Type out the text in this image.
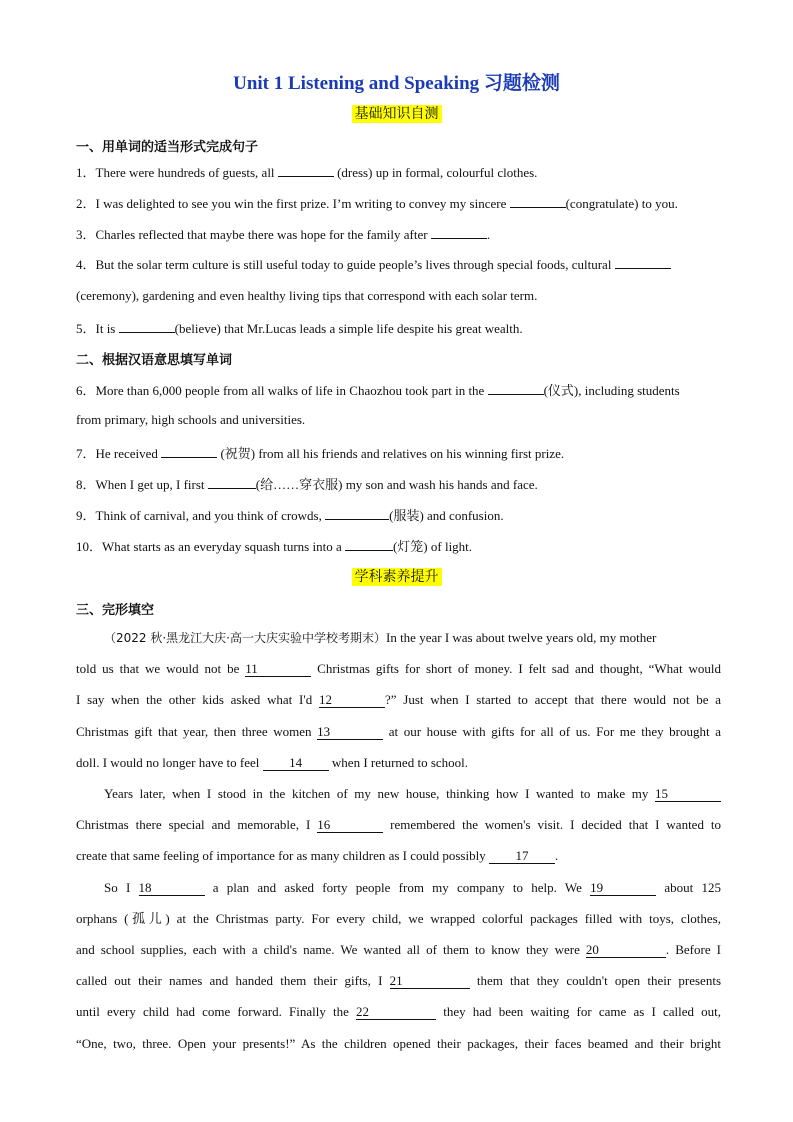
Unit 1 Listening and Speaking 习题检测
基础知识自测
一、用单词的适当形式完成句子
1．There were hundreds of guests, all	(dress) up in formal, colourful clothes.
2．I was delighted to see you win the first prize. I’m writing to convey my sincere	(congratulate) to you.
3．Charles reflected that maybe there was hope for the family after	.
4．But the solar term culture is still useful today to guide people’s lives through special foods, cultural (ceremony), gardening and even healthy living tips that correspond with each solar term.
5．It is	(believe) that Mr.Lucas leads a simple life despite his great wealth.
二、根据汉语意思填写单词
6．More than 6,000 people from all walks of life in Chaozhou took part in the	(仪式), including students
from primary, high schools and universities.
7．He received	(祝贺) from all his friends and relatives on his winning first prize.
8．When I get up, I first	(给……穿衣服) my son and wash his hands and face.
9．Think of carnival, and you think of crowds,	(服装) and confusion.
10．What starts as an everyday squash turns into a	(灯笼) of light.
学科素养提升
三、完形填空
（2022 秋·黑龙江大庆·高一大庆实验中学校考期末）In the year I was about twelve years old, my mother
told us that we would not be 11	Christmas gifts for short of money. I felt sad and thought, “What would
I say when the other kids asked what I'd 12	?” Just when I started to accept that there would not be a
Christmas gift that year, then three women 13	at our house with gifts for all of us. For me they brought a
doll. I would no longer have to feel 14 when I returned to school.
Years later, when I stood in the kitchen of my new house, thinking how I wanted to make my 15
Christmas there special and memorable, I 16	remembered the women's visit. I decided that I wanted to
create that same feeling of importance for as many children as I could possibly 17 .
So I 18	a plan and asked forty people from my company to help. We 19	about 125
orphans (孤儿) at the Christmas party. For every child, we wrapped colorful packages filled with toys, clothes,
and school supplies, each with a child's name. We wanted all of them to know they were 20	. Before I
called out their names and handed them their gifts, I 21	them that they couldn't open their presents
until every child had come forward. Finally the 22	they had been waiting for came as I called out,
“One, two, three. Open your presents!” As the children opened their packages, their faces beamed and their bright
